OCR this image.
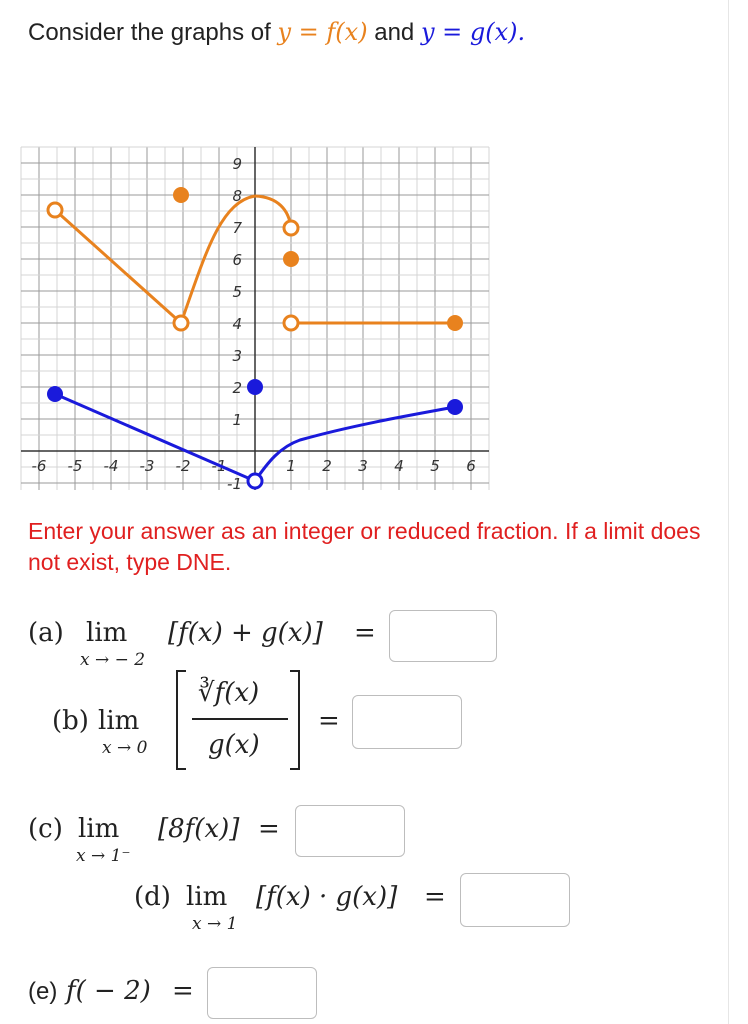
Consider the graphs of y = f(x) and y = g(x).
-6 -5 -4 -3 -2 -1	1 2 3 4 5 6
9
8
7
6
5
4
3
2
1
-1
Enter your answer as an integer or reduced fraction. If a limit does not exist, type DNE.
(a) lim
x → − 2
[f(x) + g(x)] =
(b) lim
x → 0
∛f(x)
g(x)
=
(c) lim
x → 1⁻
[8f(x)] =
(d) lim
x → 1
[f(x) · g(x)] =
(e) f( − 2) =
